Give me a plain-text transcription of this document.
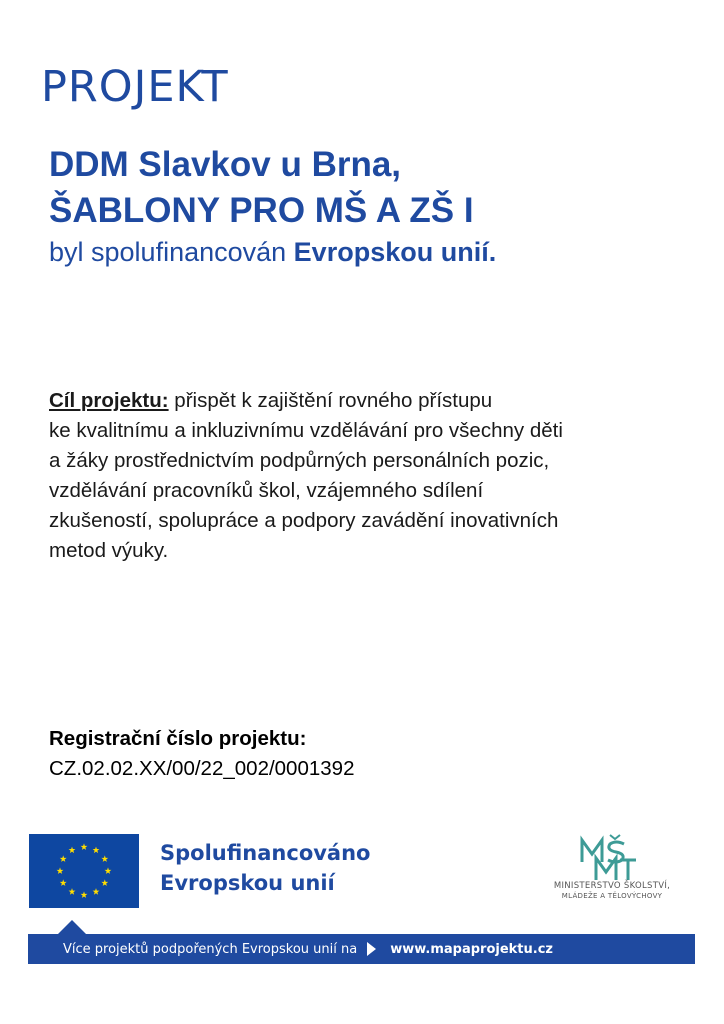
PROJEKT
DDM Slavkov u Brna,
ŠABLONY PRO MŠ A ZŠ I
byl spolufinancován Evropskou unií.
Cíl projektu: přispět k zajištění rovného přístupu
ke kvalitnímu a inkluzivnímu vzdělávání pro všechny děti
a žáky prostřednictvím podpůrných personálních pozic,
vzdělávání pracovníků škol, vzájemného sdílení
zkušeností, spolupráce a podpory zavádění inovativních
metod výuky.
Registrační číslo projektu:
CZ.02.02.XX/00/22_002/0001392
Spolufinancováno
Evropskou unií	MINISTERSTVO ŠKOLSTVÍ,
MLÁDEŽE A TĚLOVÝCHOVY
Více projektů podpořených Evropskou unií na	www.mapaprojektu.cz
